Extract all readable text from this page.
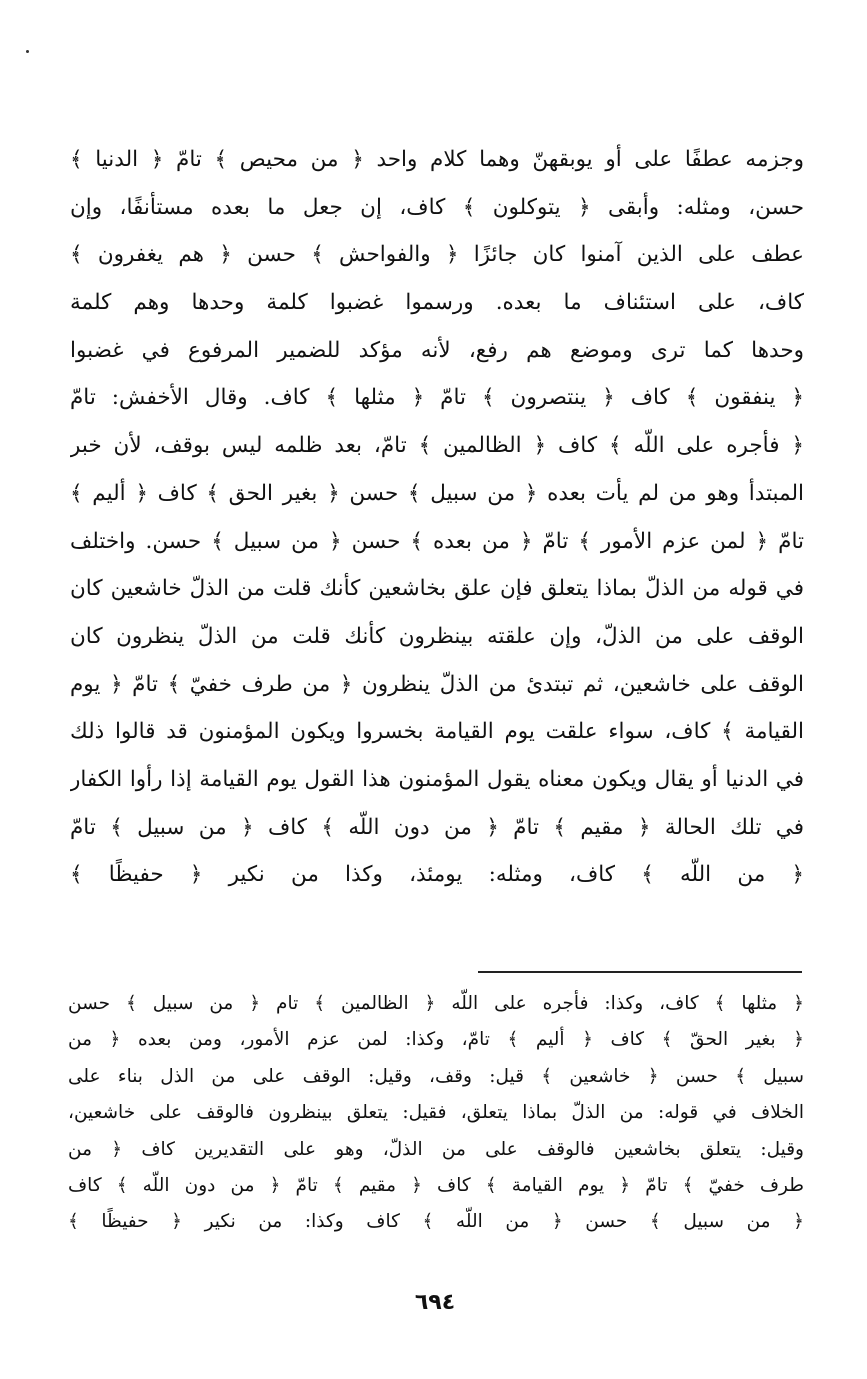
وجزمه عطفًا على أو يوبقهنّ وهما كلام واحد ﴿ من محيص ﴾ تامّ ﴿ الدنيا ﴾
حسن، ومثله: وأبقى ﴿ يتوكلون ﴾ كاف، إن جعل ما بعده مستأنفًا، وإن
عطف على الذين آمنوا كان جائزًا ﴿ والفواحش ﴾ حسن ﴿ هم يغفرون ﴾
كاف، على استئناف ما بعده. ورسموا غضبوا كلمة وحدها وهم كلمة
وحدها كما ترى وموضع هم رفع، لأنه مؤكد للضمير المرفوع في غضبوا
﴿ ينفقون ﴾ كاف ﴿ ينتصرون ﴾ تامّ ﴿ مثلها ﴾ كاف. وقال الأخفش: تامّ
﴿ فأجره على اللّه ﴾ كاف ﴿ الظالمين ﴾ تامّ، بعد ظلمه ليس بوقف، لأن خبر
المبتدأ وهو من لم يأت بعده ﴿ من سبيل ﴾ حسن ﴿ بغير الحق ﴾ كاف ﴿ أليم ﴾
تامّ ﴿ لمن عزم الأمور ﴾ تامّ ﴿ من بعده ﴾ حسن ﴿ من سبيل ﴾ حسن. واختلف
في قوله من الذلّ بماذا يتعلق فإن علق بخاشعين كأنك قلت من الذلّ خاشعين كان
الوقف على من الذلّ، وإن علقته بينظرون كأنك قلت من الذلّ ينظرون كان
الوقف على خاشعين، ثم تبتدئ من الذلّ ينظرون ﴿ من طرف خفيّ ﴾ تامّ ﴿ يوم
القيامة ﴾ كاف، سواء علقت يوم القيامة بخسروا ويكون المؤمنون قد قالوا ذلك
في الدنيا أو يقال ويكون معناه يقول المؤمنون هذا القول يوم القيامة إذا رأوا الكفار
في تلك الحالة ﴿ مقيم ﴾ تامّ ﴿ من دون اللّه ﴾ كاف ﴿ من سبيل ﴾ تامّ
﴿ من اللّه ﴾ كاف، ومثله: يومئذ، وكذا من نكير ﴿ حفيظًا ﴾
﴿ مثلها ﴾ كاف، وكذا: فأجره على اللّه ﴿ الظالمين ﴾ تام ﴿ من سبيل ﴾ حسن
﴿ بغير الحقّ ﴾ كاف ﴿ أليم ﴾ تامّ، وكذا: لمن عزم الأمور، ومن بعده ﴿ من
سبيل ﴾ حسن ﴿ خاشعين ﴾ قيل: وقف، وقيل: الوقف على من الذل بناء على
الخلاف في قوله: من الذلّ بماذا يتعلق، فقيل: يتعلق بينظرون فالوقف على خاشعين،
وقيل: يتعلق بخاشعين فالوقف على من الذلّ، وهو على التقديرين كاف ﴿ من
طرف خفيّ ﴾ تامّ ﴿ يوم القيامة ﴾ كاف ﴿ مقيم ﴾ تامّ ﴿ من دون اللّه ﴾ كاف
﴿ من سبيل ﴾ حسن ﴿ من اللّه ﴾ كاف وكذا: من نكير ﴿ حفيظًا ﴾
٦٩٤
